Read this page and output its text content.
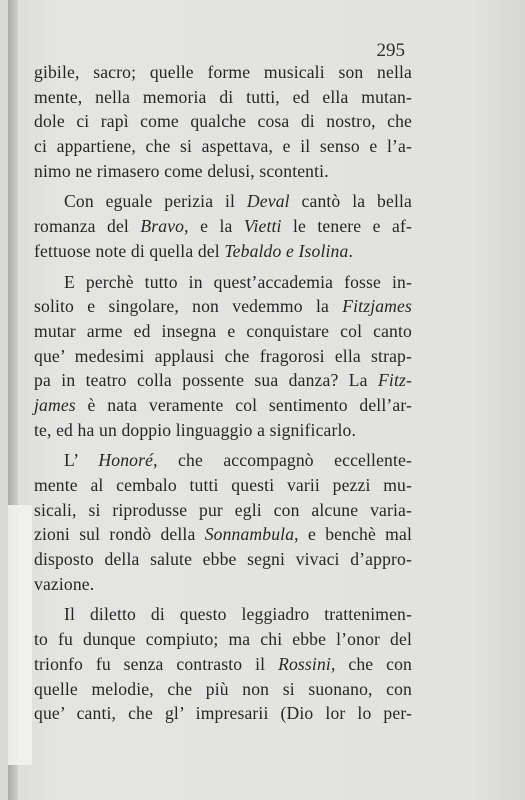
295
gibile, sacro; quelle forme musicali son nella
mente, nella memoria di tutti, ed ella mutan-
dole ci rapì come qualche cosa di nostro, che
ci appartiene, che si aspettava, e il senso e l’a-
nimo ne rimasero come delusi, scontenti.
Con eguale perizia il Deval cantò la bella
romanza del Bravo, e la Vietti le tenere e af-
fettuose note di quella del Tebaldo e Isolina.
E perchè tutto in quest’accademia fosse in-
solito e singolare, non vedemmo la Fitzjames
mutar arme ed insegna e conquistare col canto
que’ medesimi applausi che fragorosi ella strap-
pa in teatro colla possente sua danza? La Fitz-
james è nata veramente col sentimento dell’ar-
te, ed ha un doppio linguaggio a significarlo.
L’ Honoré, che accompagnò eccellente-
mente al cembalo tutti questi varii pezzi mu-
sicali, si riprodusse pur egli con alcune varia-
zioni sul rondò della Sonnambula, e benchè mal
disposto della salute ebbe segni vivaci d’appro-
vazione.
Il diletto di questo leggiadro trattenimen-
to fu dunque compiuto; ma chi ebbe l’onor del
trionfo fu senza contrasto il Rossini, che con
quelle melodie, che più non si suonano, con
que’ canti, che gl’ impresarii (Dio lor lo per-
